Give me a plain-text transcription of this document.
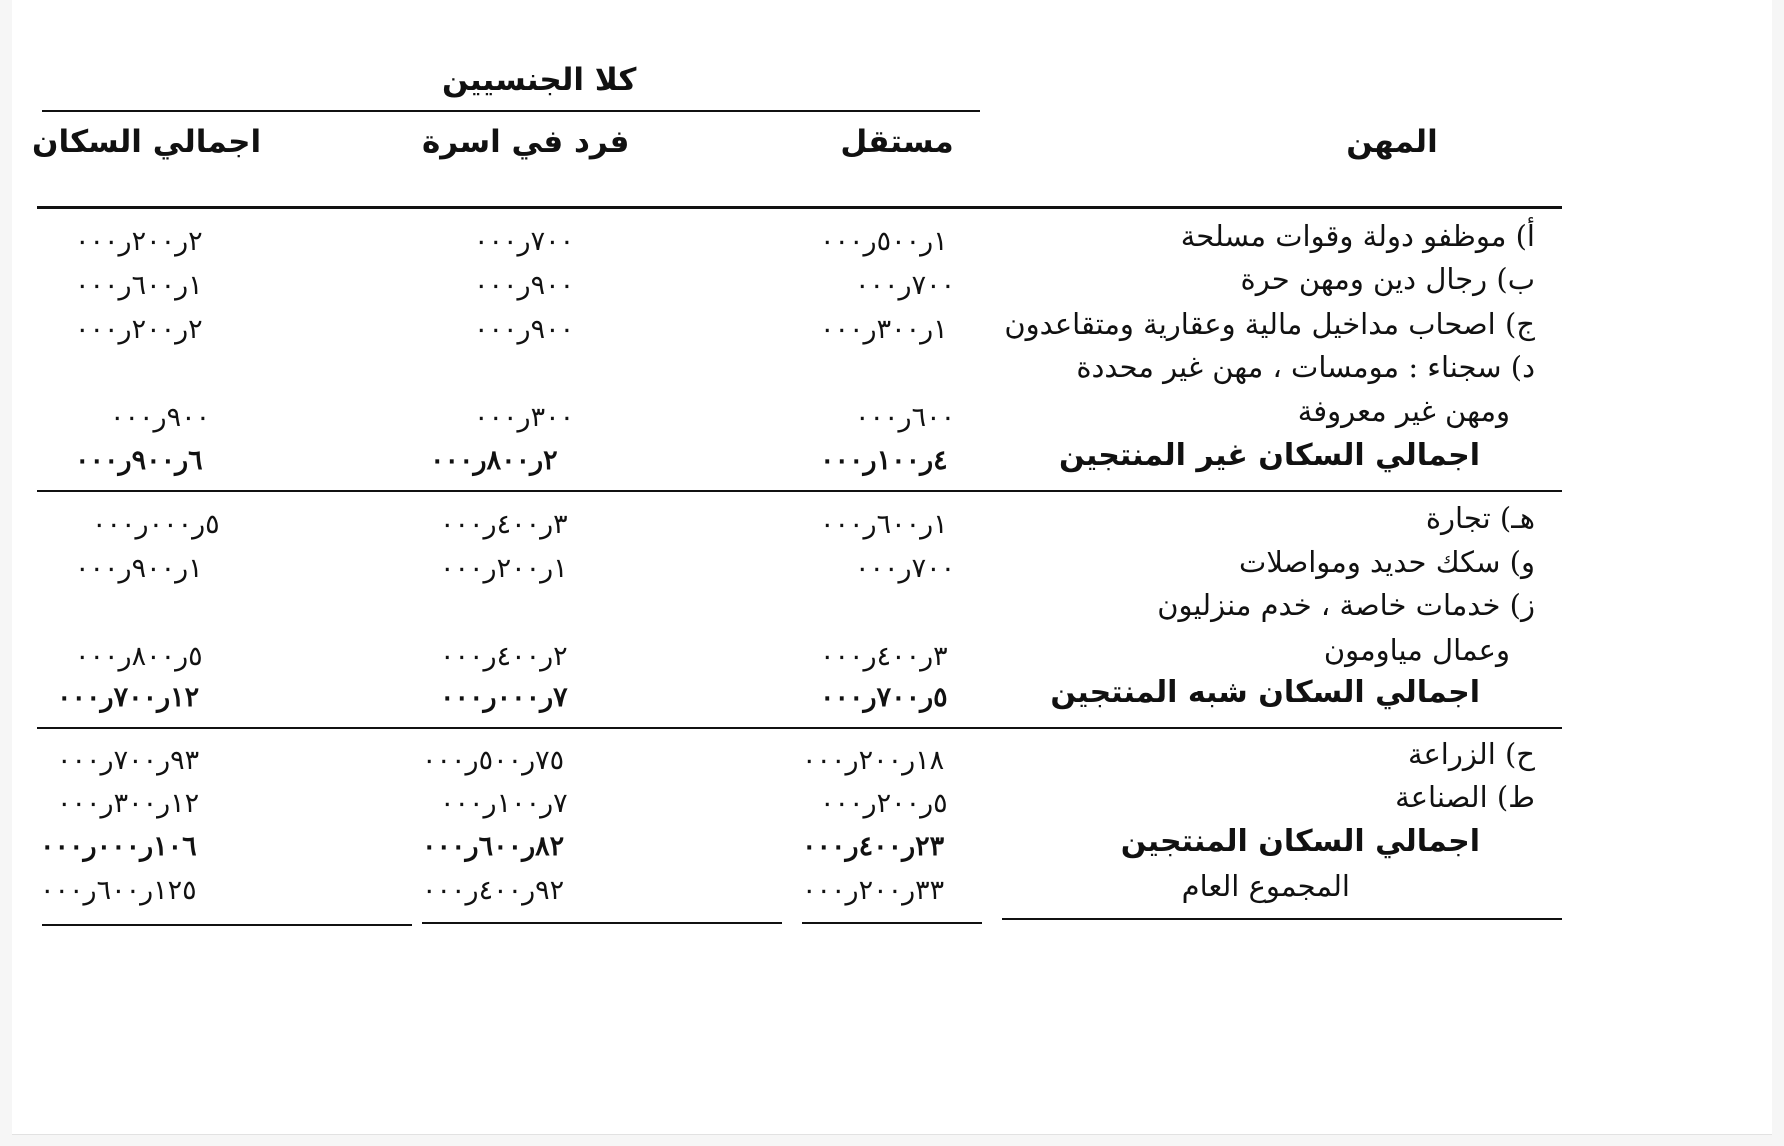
كلا الجنسيين
المهن
مستقل
فرد في اسرة
اجمالي السكان
أ) موظفو دولة وقوات مسلحة
١ر٥٠٠ر٠٠٠
٧٠٠ر٠٠٠
٢ر٢٠٠ر٠٠٠
ب) رجال دين ومهن حرة
٧٠٠ر٠٠٠
٩٠٠ر٠٠٠
١ر٦٠٠ر٠٠٠
ج) اصحاب مداخيل مالية وعقارية ومتقاعدون
١ر٣٠٠ر٠٠٠
٩٠٠ر٠٠٠
٢ر٢٠٠ر٠٠٠
د) سجناء : مومسات ، مهن غير محددة
ومهن غير معروفة
٦٠٠ر٠٠٠
٣٠٠ر٠٠٠
٩٠٠ر٠٠٠
اجمالي السكان غير المنتجين
٤ر١٠٠ر٠٠٠
٢ر٨٠٠ر٠٠٠
٦ر٩٠٠ر٠٠٠
هـ) تجارة
١ر٦٠٠ر٠٠٠
٣ر٤٠٠ر٠٠٠
٥ر٠٠٠ر٠٠٠
و) سكك حديد ومواصلات
٧٠٠ر٠٠٠
١ر٢٠٠ر٠٠٠
١ر٩٠٠ر٠٠٠
ز) خدمات خاصة ، خدم منزليون
وعمال مياومون
٣ر٤٠٠ر٠٠٠
٢ر٤٠٠ر٠٠٠
٥ر٨٠٠ر٠٠٠
اجمالي السكان شبه المنتجين
٥ر٧٠٠ر٠٠٠
٧ر٠٠٠ر٠٠٠
١٢ر٧٠٠ر٠٠٠
ح) الزراعة
١٨ر٢٠٠ر٠٠٠
٧٥ر٥٠٠ر٠٠٠
٩٣ر٧٠٠ر٠٠٠
ط) الصناعة
٥ر٢٠٠ر٠٠٠
٧ر١٠٠ر٠٠٠
١٢ر٣٠٠ر٠٠٠
اجمالي السكان المنتجين
٢٣ر٤٠٠ر٠٠٠
٨٢ر٦٠٠ر٠٠٠
١٠٦ر٠٠٠ر٠٠٠
المجموع العام
٣٣ر٢٠٠ر٠٠٠
٩٢ر٤٠٠ر٠٠٠
١٢٥ر٦٠٠ر٠٠٠
